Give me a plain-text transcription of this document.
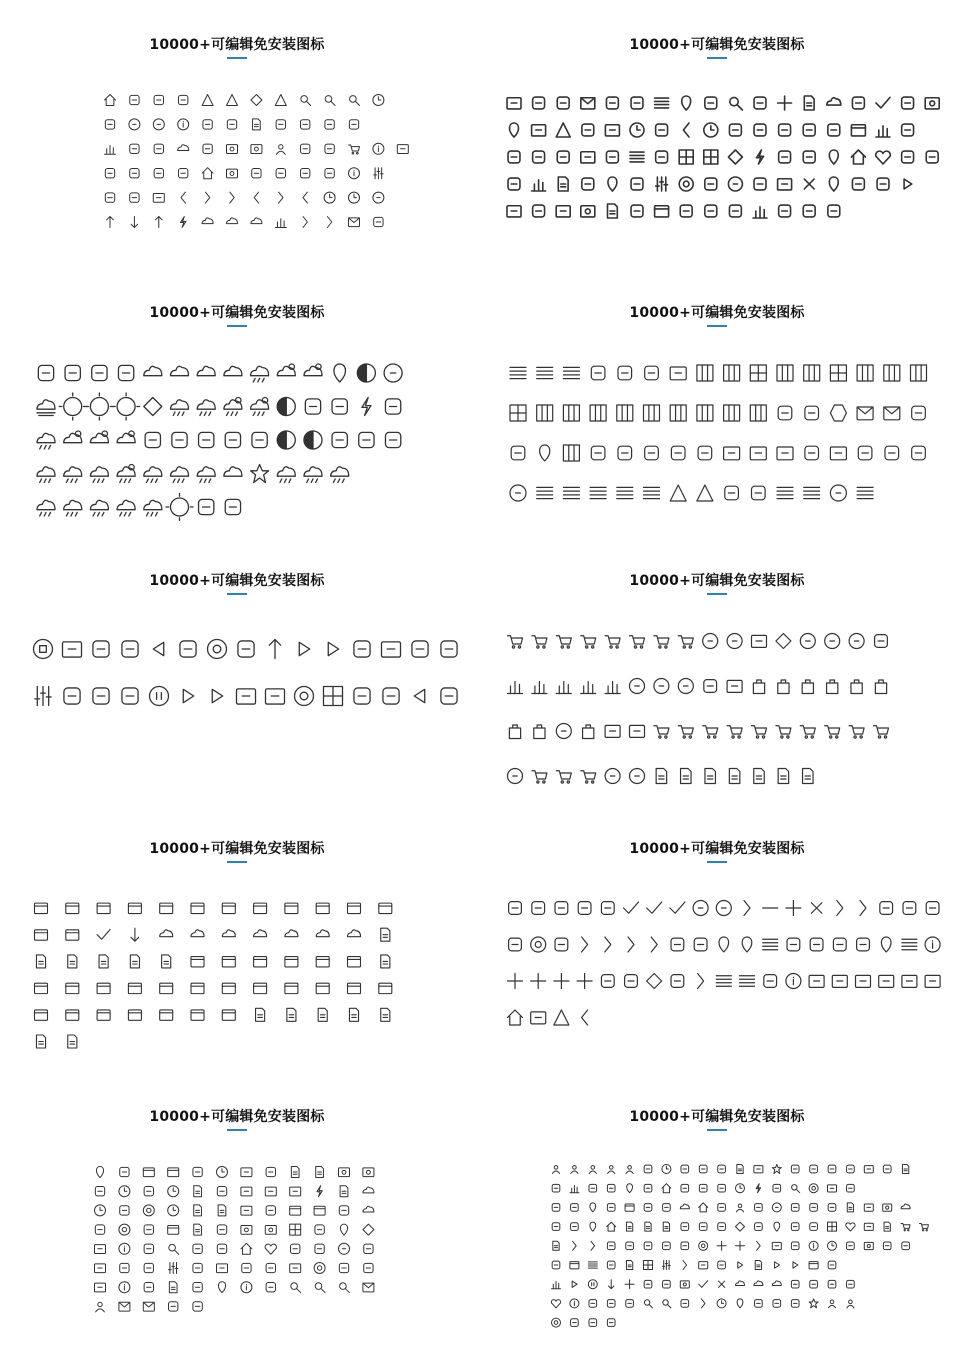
10000+可编辑免安装图标	10000+可编辑免安装图标
10000+可编辑免安装图标	10000+可编辑免安装图标
10000+可编辑免安装图标	10000+可编辑免安装图标
10000+可编辑免安装图标	10000+可编辑免安装图标
10000+可编辑免安装图标	10000+可编辑免安装图标
